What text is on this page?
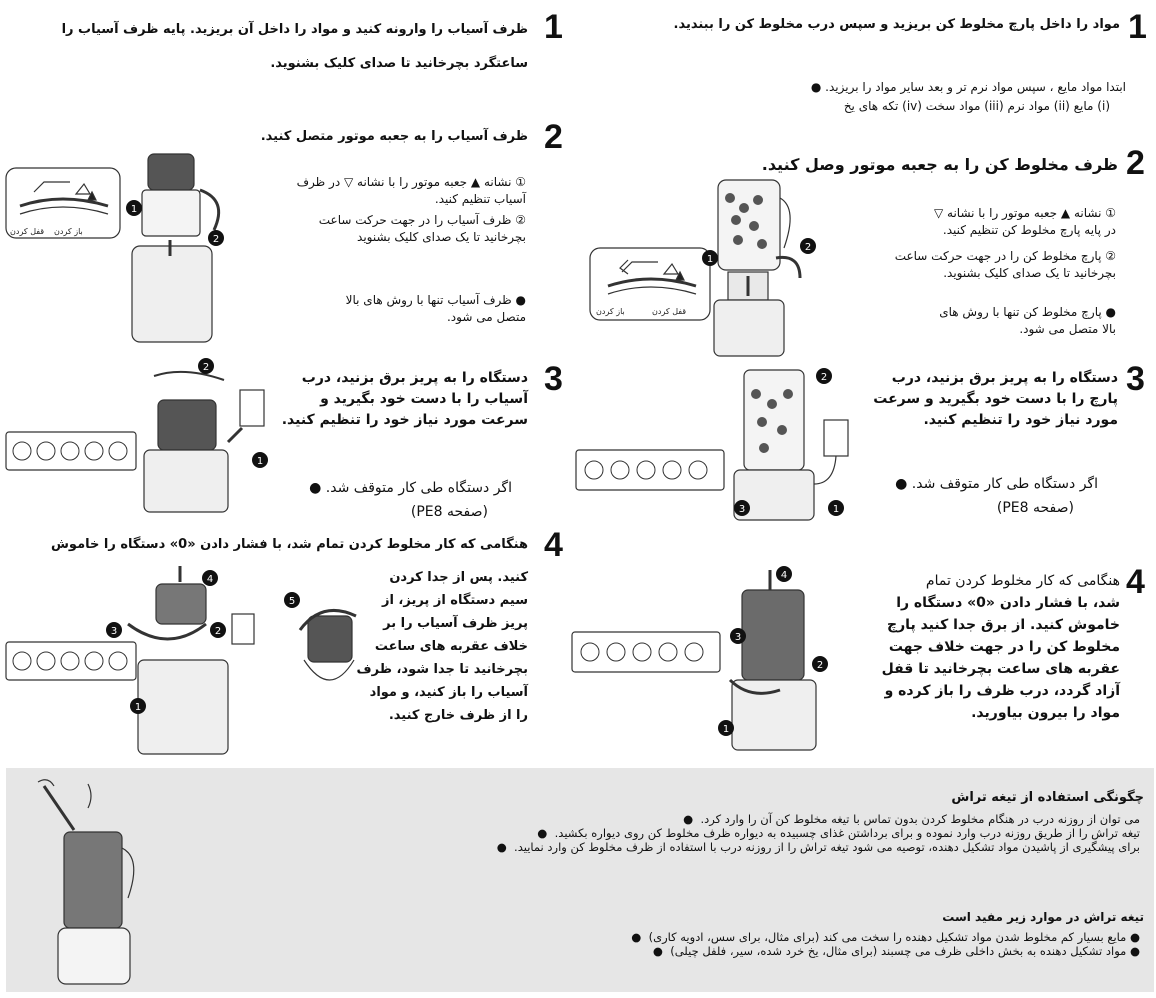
1
مواد را داخل پارچ مخلوط کن بریزید و سپس درب مخلوط کن را ببندید.
ابتدا مواد مایع ، سپس مواد نرم تر و بعد سایر مواد را بریزید. ●
(i) مایع (ii) مواد نرم (iii) مواد سخت (iv) تکه های یخ
2
ظرف مخلوط کن را به جعبه موتور وصل کنید.
① نشانه ▲ جعبه موتور را با نشانه ▽
در پایه پارچ مخلوط کن تنظیم کنید.
② پارچ مخلوط کن را در جهت حرکت ساعت
بچرخانید تا یک صدای کلیک بشنوید.
● پارچ مخلوط کن تنها با روش های
بالا متصل می شود.
3
دستگاه را به پریز برق بزنید، درب
پارچ را با دست خود بگیرید و سرعت
مورد نیاز خود را تنظیم کنید.
اگر دستگاه طی کار متوقف شد. ●
(صفحه PE8)
4
هنگامی که کار مخلوط کردن تمام
شد، با فشار دادن «0» دستگاه را
خاموش کنید. از برق جدا کنید پارچ
مخلوط کن را در جهت خلاف جهت
عقربه های ساعت بچرخانید تا قفل
آزاد گردد، درب ظرف را باز کرده و
مواد را بیرون بیاورید.
1
ظرف آسیاب را وارونه کنید و مواد را داخل آن بریزید. پایه ظرف آسیاب را
ساعتگرد بچرخانید تا صدای کلیک بشنوید.
2
ظرف آسیاب را به جعبه موتور متصل کنید.
① نشانه ▲ جعبه موتور را با نشانه ▽ در ظرف
آسیاب تنظیم کنید.
② ظرف آسیاب را در جهت حرکت ساعت
بچرخانید تا یک صدای کلیک بشنوید
● ظرف آسیاب تنها با روش های بالا
متصل می شود.
3
دستگاه را به پریز برق بزنید، درب
آسیاب را با دست خود بگیرید و
سرعت مورد نیاز خود را تنظیم کنید.
اگر دستگاه طی کار متوقف شد. ●
(صفحه PE8)
4
هنگامی که کار مخلوط کردن تمام شد، با فشار دادن «0» دستگاه را خاموش
کنید. پس از جدا کردن
سیم دستگاه از پریز، از
پریز ظرف آسیاب را بر
خلاف عقربه های ساعت
بچرخانید تا جدا شود، ظرف
آسیاب را باز کنید، و مواد
را از ظرف خارج کنید.
1
2
باز کردن	قفل کردن
3	1
2
4
3
2
1
1
2
قفل کردن باز کردن
2
1
4
3	2
1
5
چگونگی استفاده از تیغه تراش
می توان از روزنه درب در هنگام مخلوط کردن بدون تماس با تیغه مخلوط کن آن را وارد کرد.  ●
تیغه تراش را از طریق روزنه درب وارد نموده و برای برداشتن غذای چسبیده به دیواره ظرف مخلوط کن روی دیواره بکشید.  ●
برای پیشگیری از پاشیدن مواد تشکیل دهنده، توصیه می شود تیغه تراش را از روزنه درب با استفاده از ظرف مخلوط کن وارد نمایید.  ●
تیغه تراش در موارد زیر مفید است
● مایع بسیار کم مخلوط شدن مواد تشکیل دهنده را سخت می کند (برای مثال، برای سس، ادویه کاری)  ●
● مواد تشکیل دهنده به بخش داخلی ظرف می چسبند (برای مثال، یخ خرد شده، سیر، فلفل چیلی)  ●
